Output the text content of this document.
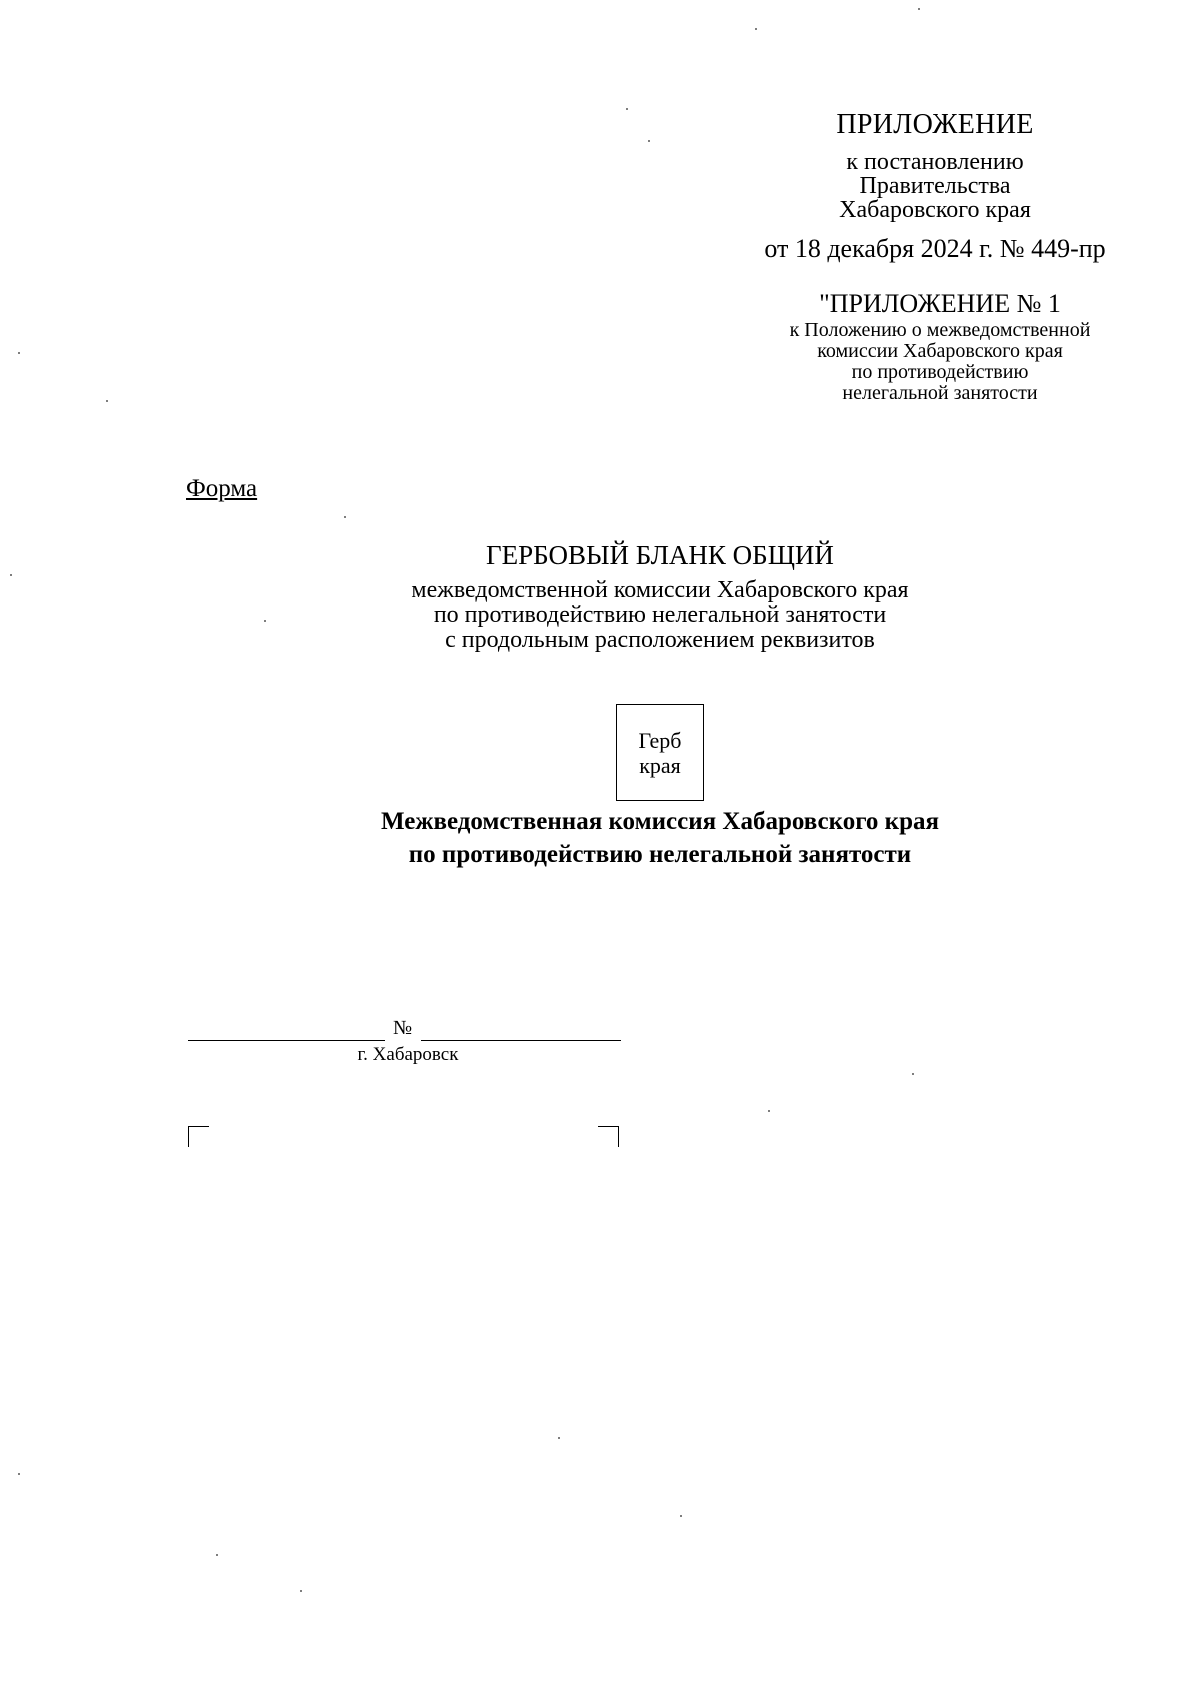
ПРИЛОЖЕНИЕ
к постановлению
Правительства
Хабаровского края
от 18 декабря 2024 г. № 449-пр
"ПРИЛОЖЕНИЕ № 1
к Положению о межведомственной
комиссии Хабаровского края
по противодействию
нелегальной занятости
Форма
ГЕРБОВЫЙ БЛАНК ОБЩИЙ
межведомственной комиссии Хабаровского края
по противодействию нелегальной занятости
с продольным расположением реквизитов
Герб
края
Межведомственная комиссия Хабаровского края
по противодействию нелегальной занятости
№
г. Хабаровск
